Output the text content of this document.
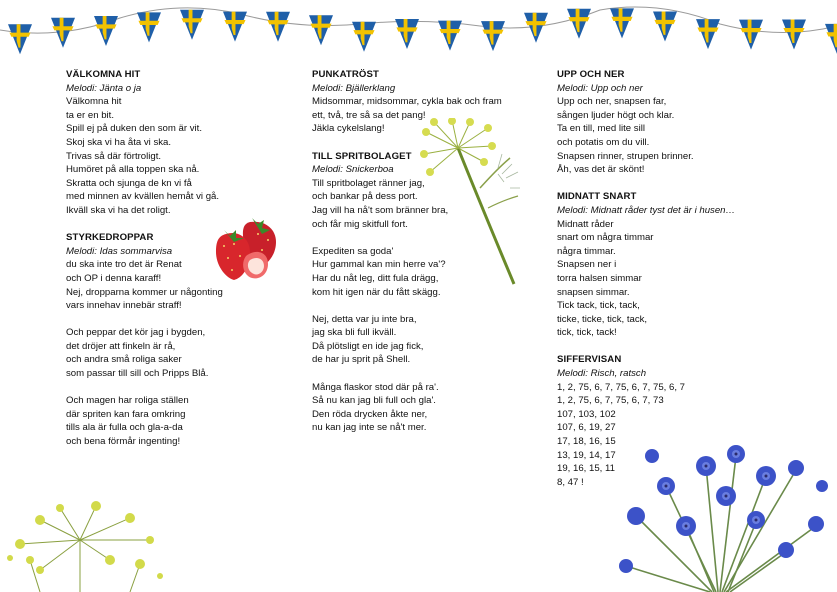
VÄLKOMNA HIT
Melodi: Jänta o ja
Välkomna hit
ta er en bit.
Spill ej på duken den som är vit.
Skoj ska vi ha åta vi ska.
Trivas så där förtroligt.
Humöret på alla toppen ska nå.
Skratta och sjunga de kn vi få
med minnen av kvällen hemåt vi gå.
Ikväll ska vi ha det roligt.
STYRKEDROPPAR
Melodi: Idas sommarvisa
du ska inte tro det är Renat
och OP i denna karaff!
Nej, dropparna kommer ur någonting
vars innehav innebär straff!
Och peppar det kör jag i bygden,
det dröjer att finkeln är rå,
och andra små roliga saker
som passar till sill och Pripps Blå.
Och magen har roliga ställen
där spriten kan fara omkring
tills ala är fulla och gla-a-da
och bena förmår ingenting!
PUNKATRÖST
Melodi: Bjällerklang
Midsommar, midsommar, cykla bak och fram
ett, två, tre så sa det pang!
Jäkla cykelslang!
TILL SPRITBOLAGET
Melodi: Snickerboa
Till spritbolaget ränner jag,
och bankar på dess port.
Jag vill ha nå't som bränner bra,
och får mig skitfull fort.
Expediten sa goda'
Hur gammal kan min herre va'?
Har du nåt leg, ditt fula drägg,
kom hit igen när du fått skägg.
Nej, detta var ju inte bra,
jag ska bli full ikväll.
Då plötsligt en ide jag fick,
de har ju sprit på Shell.
Många flaskor stod där på ra'.
Så nu kan jag bli full och gla'.
Den röda drycken åkte ner,
nu kan jag inte se nå't mer.
UPP OCH NER
Melodi: Upp och ner
Upp och ner, snapsen far,
sången ljuder högt och klar.
Ta en till, med lite sill
och potatis om du vill.
Snapsen rinner, strupen brinner.
Åh, vas det är skönt!
MIDNATT SNART
Melodi: Midnatt råder tyst det är i husen…
Midnatt råder
snart om några timmar
några timmar.
Snapsen ner i
torra halsen simmar
snapsen simmar.
Tick tack, tick, tack,
ticke, ticke, tick, tack,
tick, tick, tack!
SIFFERVISAN
Melodi: Risch, ratsch
1, 2, 75, 6, 7, 75, 6, 7, 75, 6, 7
1, 2, 75, 6, 7, 75, 6, 7, 73
107, 103, 102
107, 6, 19, 27
17, 18, 16, 15
13, 19, 14, 17
19, 16, 15, 11
8, 47 !
